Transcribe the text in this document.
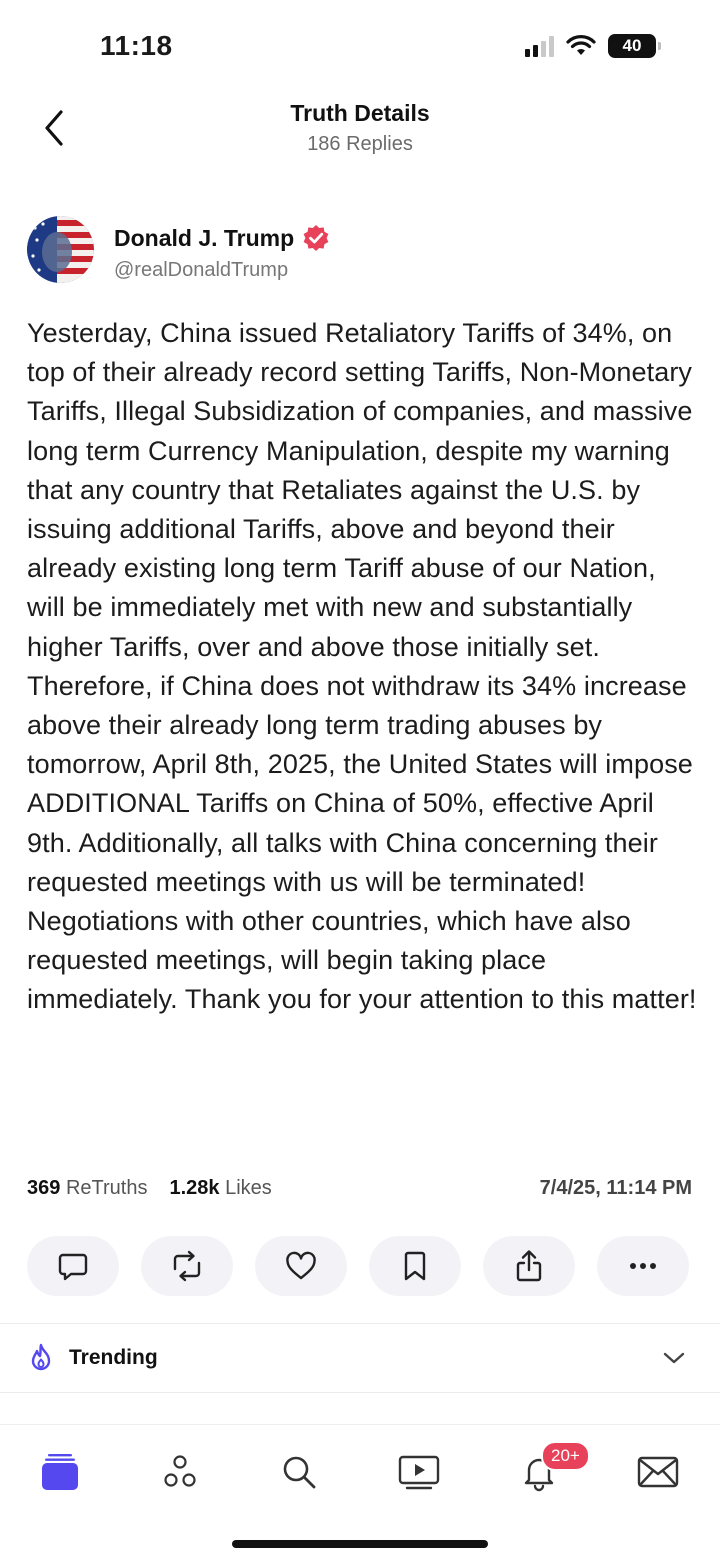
11:18	40
Truth Details
186 Replies
Donald J. Trump
@realDonaldTrump
Yesterday, China issued Retaliatory Tariffs of 34%, on top of their already record setting Tariffs, Non-Monetary Tariffs, Illegal Subsidization of companies, and massive long term Currency Manipulation, despite my warning that any country that Retaliates against the U.S. by issuing additional Tariffs, above and beyond their already existing long term Tariff abuse of our Nation, will be immediately met with new and substantially higher Tariffs, over and above those initially set. Therefore, if China does not withdraw its 34% increase above their already long term trading abuses by tomorrow, April 8th, 2025, the United States will impose ADDITIONAL Tariffs on China of 50%, effective April 9th. Additionally, all talks with China concerning their requested meetings with us will be terminated! Negotiations with other countries, which have also requested meetings, will begin taking place immediately. Thank you for your attention to this matter!
369 ReTruths 1.28k Likes	7/4/25, 11:14 PM
Trending
20+
